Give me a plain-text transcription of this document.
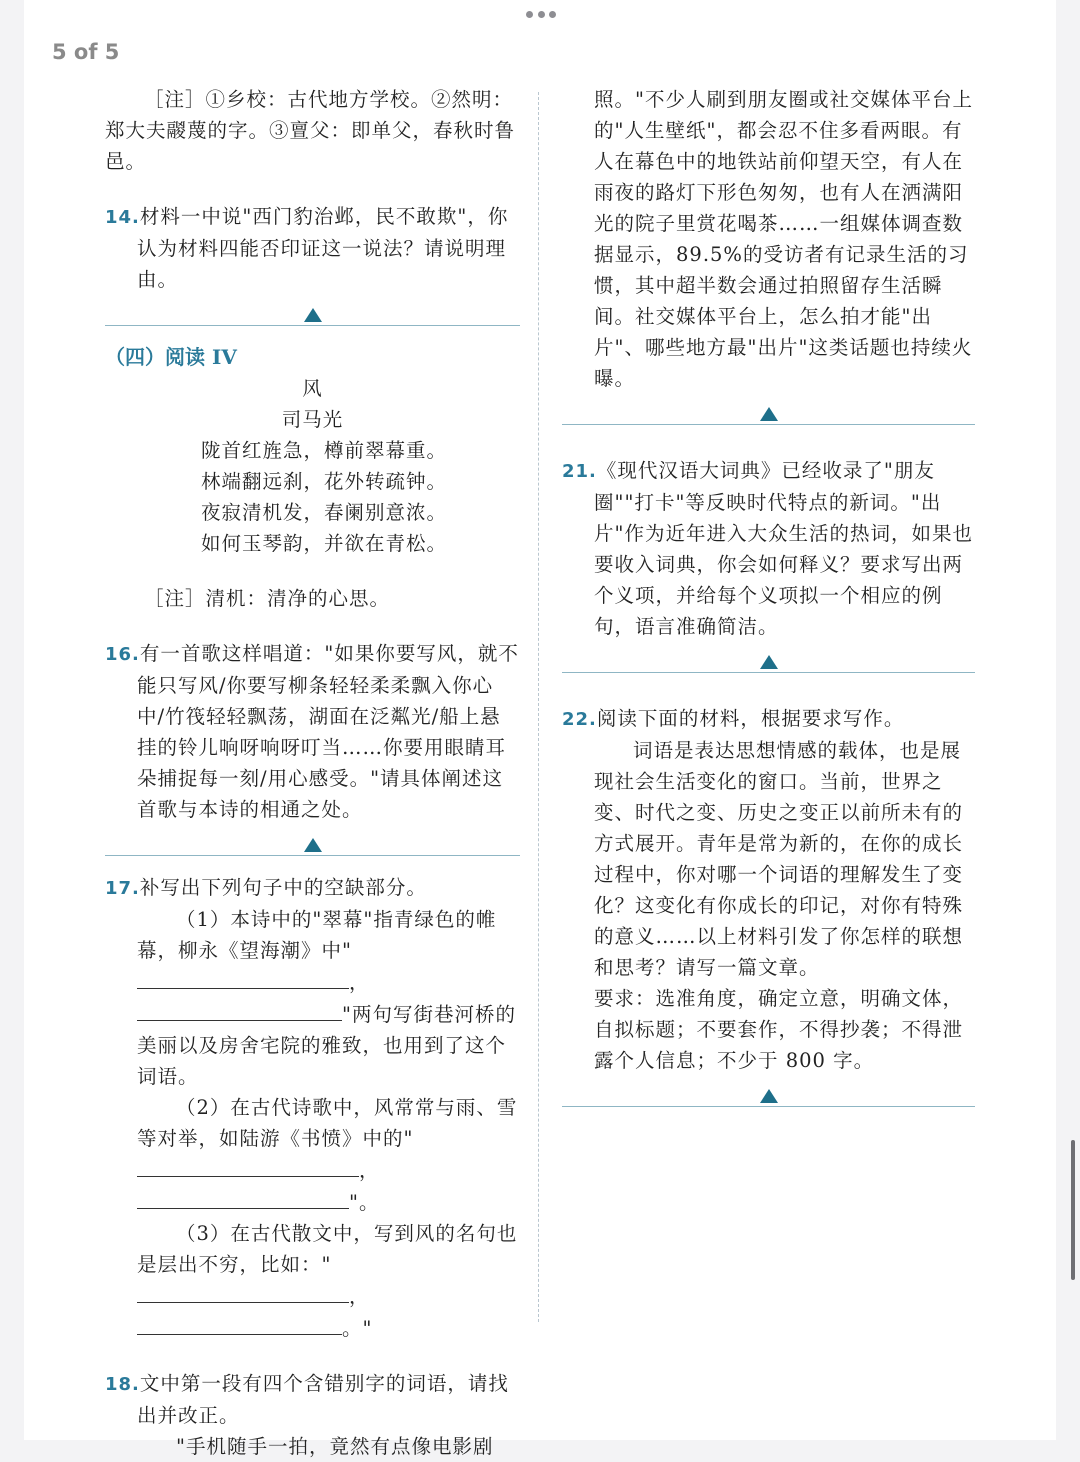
5 of 5

［注］①乡校：古代地方学校。②然明：郑大夫鬷蔑的字。③亶父：即单父，春秋时鲁邑。

14.材料一中说"西门豹治邺，民不敢欺"，你认为材料四能否印证这一说法？请说明理由。

（四）阅读 IV

风

司马光

陇首红旌急，樽前翠幕重。

林端翻远刹，花外转疏钟。

夜寂清机发，春阑别意浓。

如何玉琴韵，并欲在青松。

［注］清机：清净的心思。

16.有一首歌这样唱道："如果你要写风，就不能只写风/你要写柳条轻轻柔柔飘入你心中/竹筏轻轻飘荡，湖面在泛粼光/船上悬挂的铃儿响呀响呀叮当……你要用眼睛耳朵捕捉每一刻/用心感受。"请具体阐述这首歌与本诗的相通之处。

17.补写出下列句子中的空缺部分。

（1）本诗中的"翠幕"指青绿色的帷幕，柳永《望海潮》中"，"两句写街巷河桥的美丽以及房舍宅院的雅致，也用到了这个词语。

（2）在古代诗歌中，风常常与雨、雪等对举，如陆游《书愤》中的"，"。

（3）在古代散文中，写到风的名句也是层出不穷，比如："，。"

18.文中第一段有四个含错别字的词语，请找出并改正。

"手机随手一拍，竟然有点像电影剧

照。"不少人刷到朋友圈或社交媒体平台上的"人生壁纸"，都会忍不住多看两眼。有人在幕色中的地铁站前仰望天空，有人在雨夜的路灯下形色匆匆，也有人在洒满阳光的院子里赏花喝茶……一组媒体调查数据显示，89.5%的受访者有记录生活的习惯，其中超半数会通过拍照留存生活瞬间。社交媒体平台上，怎么拍才能"出片"、哪些地方最"出片"这类话题也持续火曝。

21.《现代汉语大词典》已经收录了"朋友圈""打卡"等反映时代特点的新词。"出片"作为近年进入大众生活的热词，如果也要收入词典，你会如何释义？要求写出两个义项，并给每个义项拟一个相应的例句，语言准确简洁。

22.阅读下面的材料，根据要求写作。

词语是表达思想情感的载体，也是展现社会生活变化的窗口。当前，世界之变、时代之变、历史之变正以前所未有的方式展开。青年是常为新的，在你的成长过程中，你对哪一个词语的理解发生了变化？这变化有你成长的印记，对你有特殊的意义……以上材料引发了你怎样的联想和思考？请写一篇文章。

要求：选准角度，确定立意，明确文体，自拟标题；不要套作，不得抄袭；不得泄露个人信息；不少于 800 字。
